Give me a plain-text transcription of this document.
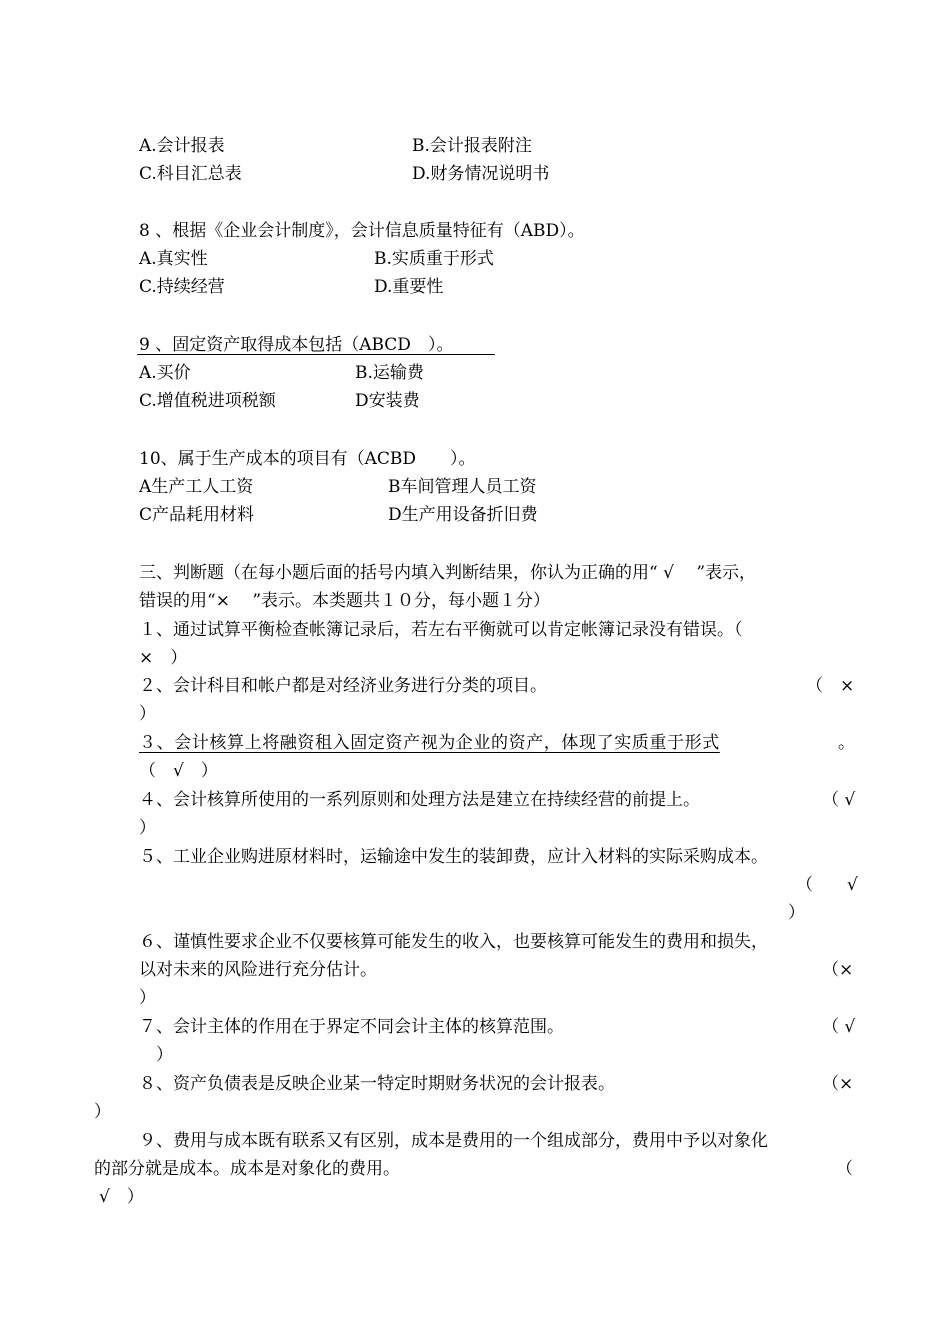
A.会计报表	B.会计报表附注
C.科目汇总表	D.财务情况说明书
8 、根据《企业会计制度》，会计信息质量特征有（ABD）。
A.真实性	B.实质重于形式
C.持续经营	D.重要性
9 、固定资产取得成本包括（ABCD　）。
A.买价	B.运输费
C.增值税进项税额	D安装费
10、属于生产成本的项目有（ACBD　　）。
A生产工人工资	B车间管理人员工资
C产品耗用材料	D生产用设备折旧费
三、判断题（在每小题后面的括号内填入判断结果，你认为正确的用“ √　 ”表示，
错误的用“×　 ”表示。本类题共１０分，每小题１分）
１、通过试算平衡检查帐簿记录后，若左右平衡就可以肯定帐簿记录没有错误。（
×　）
２、会计科目和帐户都是对经济业务进行分类的项目。	（　×
）
３、会计核算上将融资租入固定资产视为企业的资产，体现了实质重于形式	。
（　√　）
４、会计核算所使用的一系列原则和处理方法是建立在持续经营的前提上。	（ √
）
５、工业企业购进原材料时，运输途中发生的装卸费，应计入材料的实际采购成本。
（　　√
）
６、谨慎性要求企业不仅要核算可能发生的收入，也要核算可能发生的费用和损失，
以对未来的风险进行充分估计。	（×
）
７、会计主体的作用在于界定不同会计主体的核算范围。	（ √
）
８、资产负债表是反映企业某一特定时期财务状况的会计报表。	（×
）
９、费用与成本既有联系又有区别，成本是费用的一个组成部分，费用中予以对象化
的部分就是成本。成本是对象化的费用。	（
√　）
